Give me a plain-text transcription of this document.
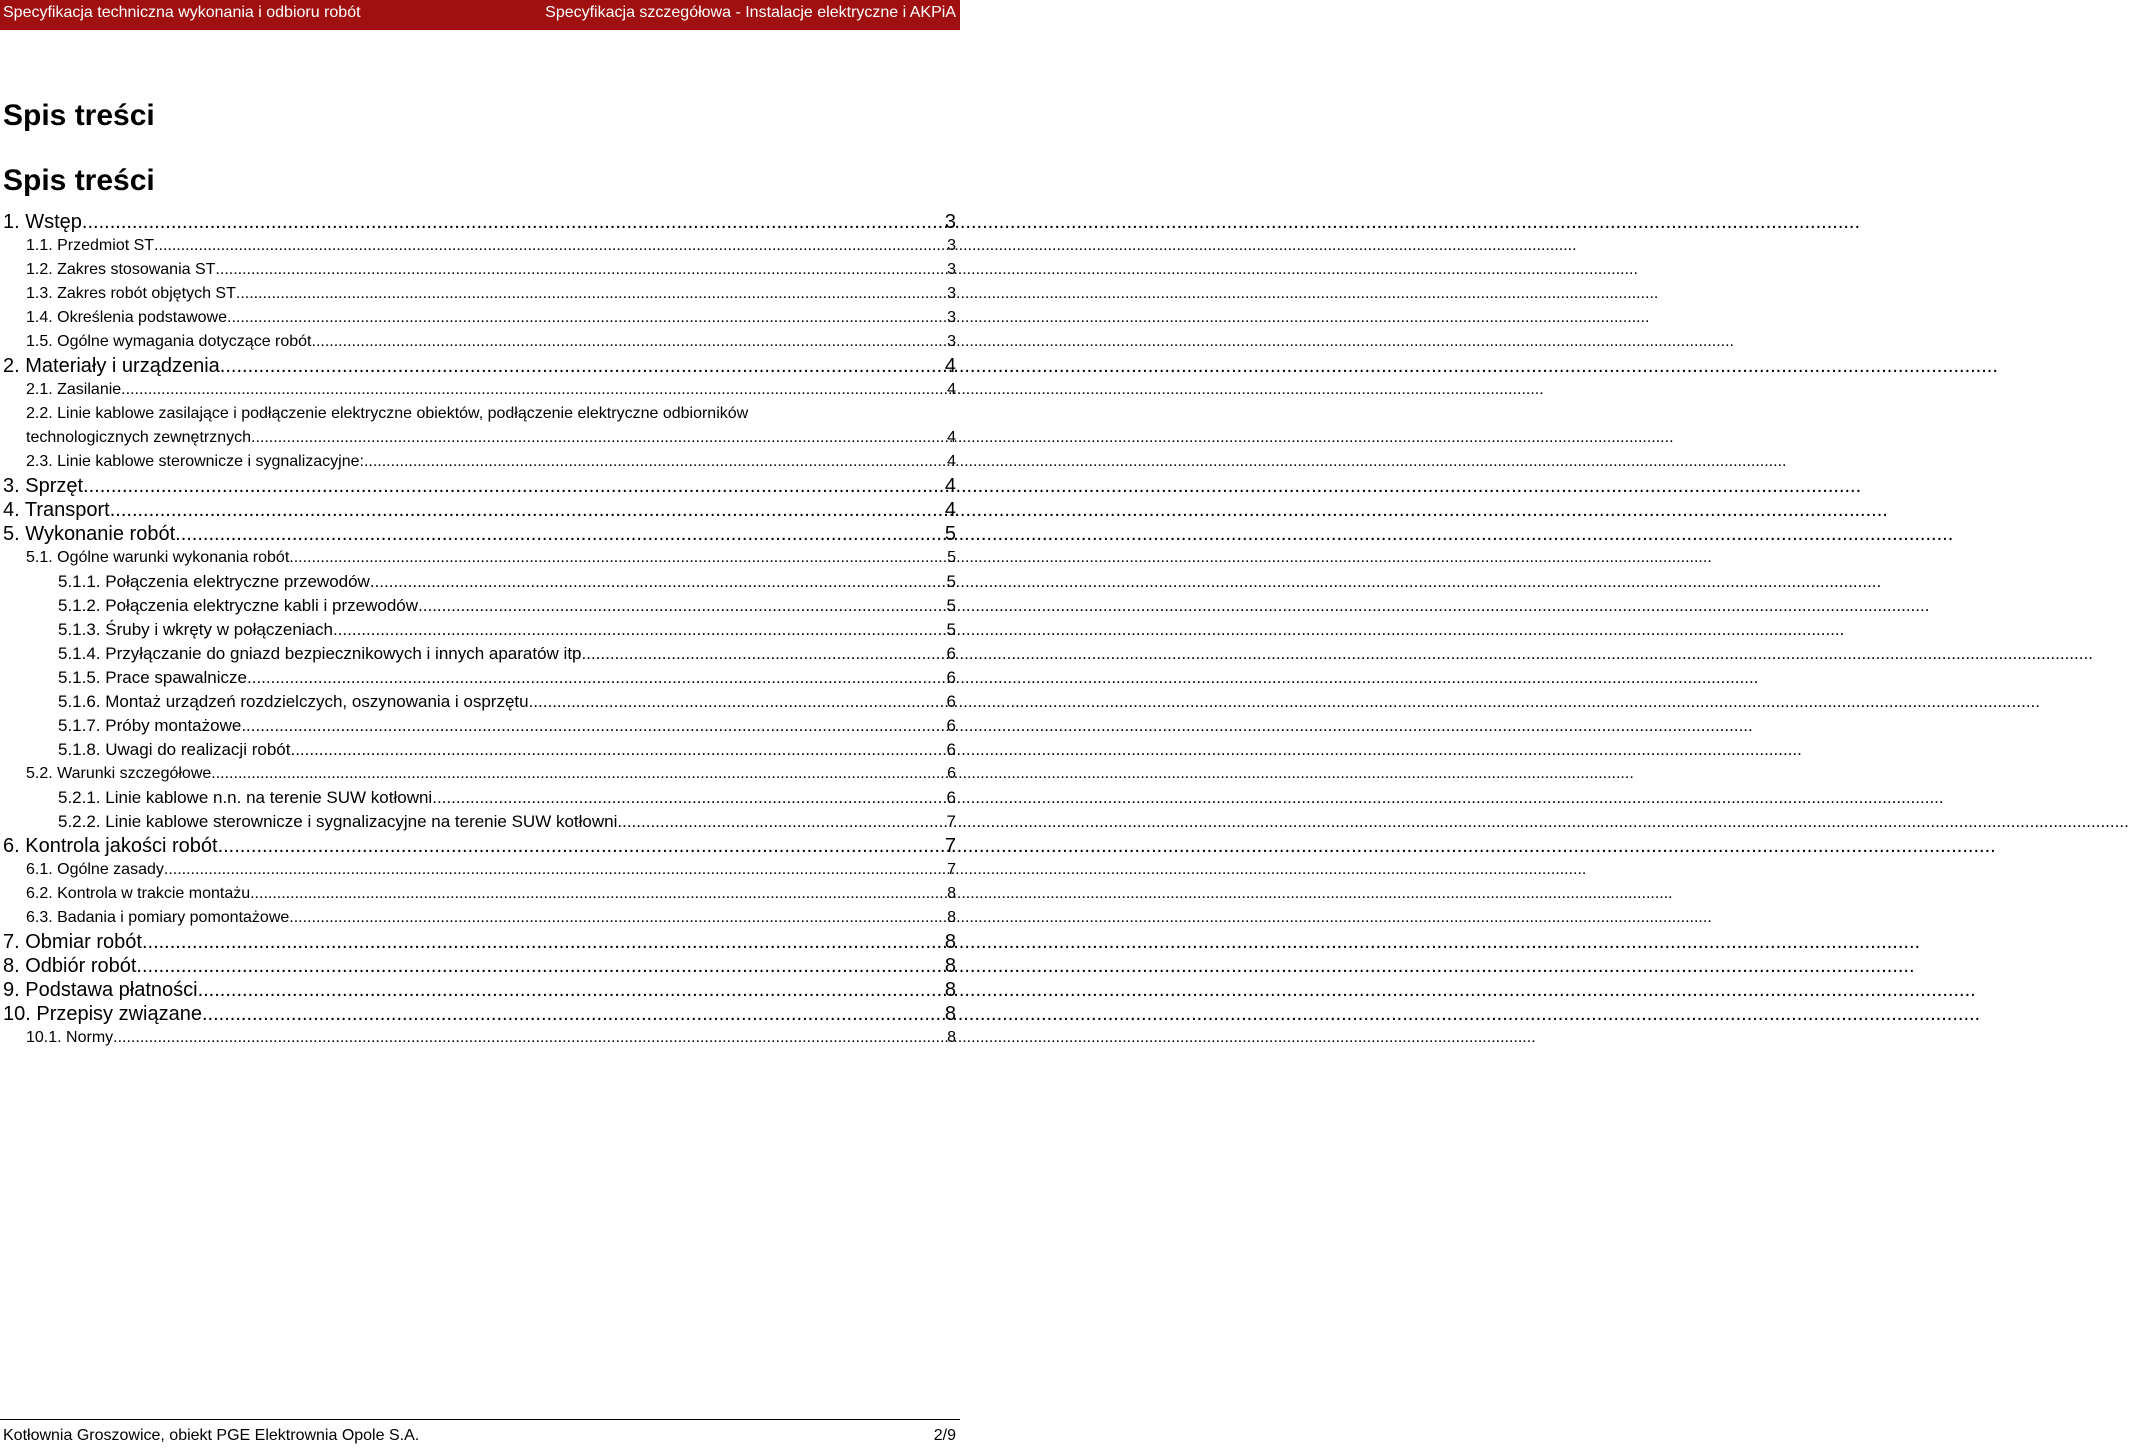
Specyfikacja techniczna wykonania i odbioru robót	Specyfikacja szczegółowa - Instalacje elektryczne i AKPiA
Spis treści
Spis treści
1. Wstęp .....	3
1.1. Przedmiot ST .....	3
1.2. Zakres stosowania ST .....	3
1.3. Zakres robót objętych ST .....	3
1.4. Określenia podstawowe .....	3
1.5. Ogólne wymagania dotyczące robót .....	3
2. Materiały i urządzenia .....	4
2.1. Zasilanie .....	4
2.2. Linie kablowe zasilające i podłączenie elektryczne obiektów, podłączenie elektryczne odbiorników
technologicznych zewnętrznych .....	4
2.3. Linie kablowe sterownicze i sygnalizacyjne: .....	4
3. Sprzęt .....	4
4. Transport .....	4
5. Wykonanie robót .....	5
5.1. Ogólne warunki wykonania robót .....	5
5.1.1. Połączenia elektryczne przewodów .....	5
5.1.2. Połączenia elektryczne kabli i przewodów .....	5
5.1.3. Śruby i wkręty w połączeniach .....	5
5.1.4. Przyłączanie do gniazd bezpiecznikowych i innych aparatów itp .....	6
5.1.5. Prace spawalnicze .....	6
5.1.6. Montaż urządzeń rozdzielczych, oszynowania i osprzętu .....	6
5.1.7. Próby montażowe .....	6
5.1.8. Uwagi do realizacji robót .....	6
5.2. Warunki szczegółowe .....	6
5.2.1. Linie kablowe n.n. na terenie SUW kotłowni .....	6
5.2.2. Linie kablowe sterownicze i sygnalizacyjne na terenie SUW kotłowni .....	7
6. Kontrola jakości robót .....	7
6.1. Ogólne zasady .....	7
6.2. Kontrola w trakcie montażu .....	8
6.3. Badania i pomiary pomontażowe .....	8
7. Obmiar robót .....	8
8. Odbiór robót .....	8
9. Podstawa płatności .....	8
10. Przepisy związane .....	8
10.1. Normy .....	8
Kotłownia Groszowice, obiekt PGE Elektrownia Opole S.A.	2/9
